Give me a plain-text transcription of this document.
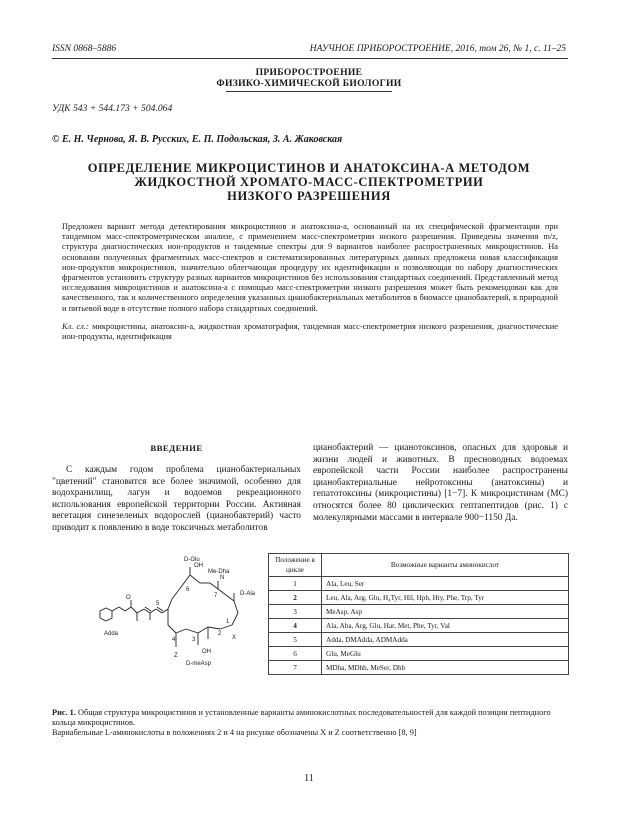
ISSN 0868–5886	НАУЧНОЕ ПРИБОРОСТРОЕНИЕ, 2016, том 26, № 1, c. 11–25
ПРИБОРОСТРОЕНИЕ
ФИЗИКО-ХИМИЧЕСКОЙ БИОЛОГИИ
УДК 543 + 544.173 + 504.064
© Е. Н. Чернова, Я. В. Русских, Е. П. Подольская, З. А. Жаковская
ОПРЕДЕЛЕНИЕ МИКРОЦИСТИНОВ И АНАТОКСИНА-А МЕТОДОМ
ЖИДКОСТНОЙ ХРОМАТО-МАСС-СПЕКТРОМЕТРИИ
НИЗКОГО РАЗРЕШЕНИЯ
Предложен вариант метода детектирования микроцистинов и анатоксина-а, основанный на их специфической фрагментации при тандемном масс-спектрометрическом анализе, с применением масс-спектрометрии низкого разрешения. Приведены значения m/z, структура диагностических ион-продуктов и тандемные спектры для 9 вариантов наиболее распространенных микроцистинов. На основании полученных фрагментных масс-спектров и систематизированных литературных данных предложена новая классификация ион-продуктов микроцистинов, значительно облегчающая процедуру их идентификации и позволяющая по набору диагностических фрагментов установить структуру разных вариантов микроцистинов без использования стандартных соединений. Представленный метод исследования микроцистинов и анатоксина-а с помощью масс-спектрометрии низкого разрешения может быть рекомендован как для качественного, так и количественного определения указанных цианобактериальных метаболитов в биомассе цианобактерий, в природной и питьевой воде в отсутствие полного набора стандартных соединений.
Кл. сл.: микроцистины, анатоксин-а, жидкостная хроматография, тандемная масс-спектрометрия низкого разрешения, диагностические ион-продукты, идентификация
ВВЕДЕНИЕ
С каждым годом проблема цианобактериальных "цветений" становится все более значимой, особенно для водохранилищ, лагун и водоемов рекреационного использования европейской территории России. Активная вегетация синезеленых водорослей (цианобактерий) часто приводит к появлению в воде токсичных метаболитов
цианобактерий — цианотоксинов, опасных для здоровья и жизни людей и животных. В пресноводных водоемах европейской части России наиболее распространены цианобактериальные нейротоксины (анатоксины) и гепатотоксины (микроцистины) [1−7]. К микроцистинам (МС) относятся более 80 циклических гептапептидов (рис. 1) с молекулярными массами в интервале 900−1150 Да.
D-Glu
Me-Dha
D-Ala
Adda
D-meAsp
X
Z
1
2
3
4
5
6
7
OH
OH
O
N
Положение в цикле	Возможные варианты аминокислот
1	Ala, Leu, Ser
2	Leu, Ala, Arg, Glu, H₄Tyr, Hil, Hph, Hty, Phe, Trp, Tyr
3	MeAsp, Asp
4	Ala, Aba, Arg, Glu, Har, Met, Phe, Tyr, Val
5	Adda, DMAdda, ADMAdda
6	Glu, MeGlu
7	MDha, MDhb, MeSer, Dhb
Рис. 1. Общая структура микроцистинов и установленные варианты аминокислотных последовательностей для каждой позиции пептидного кольца микроцистинов.
Вариабельные L-аминокислоты в положениях 2 и 4 на рисунке обозначены X и Z соответственно [8, 9]
11
